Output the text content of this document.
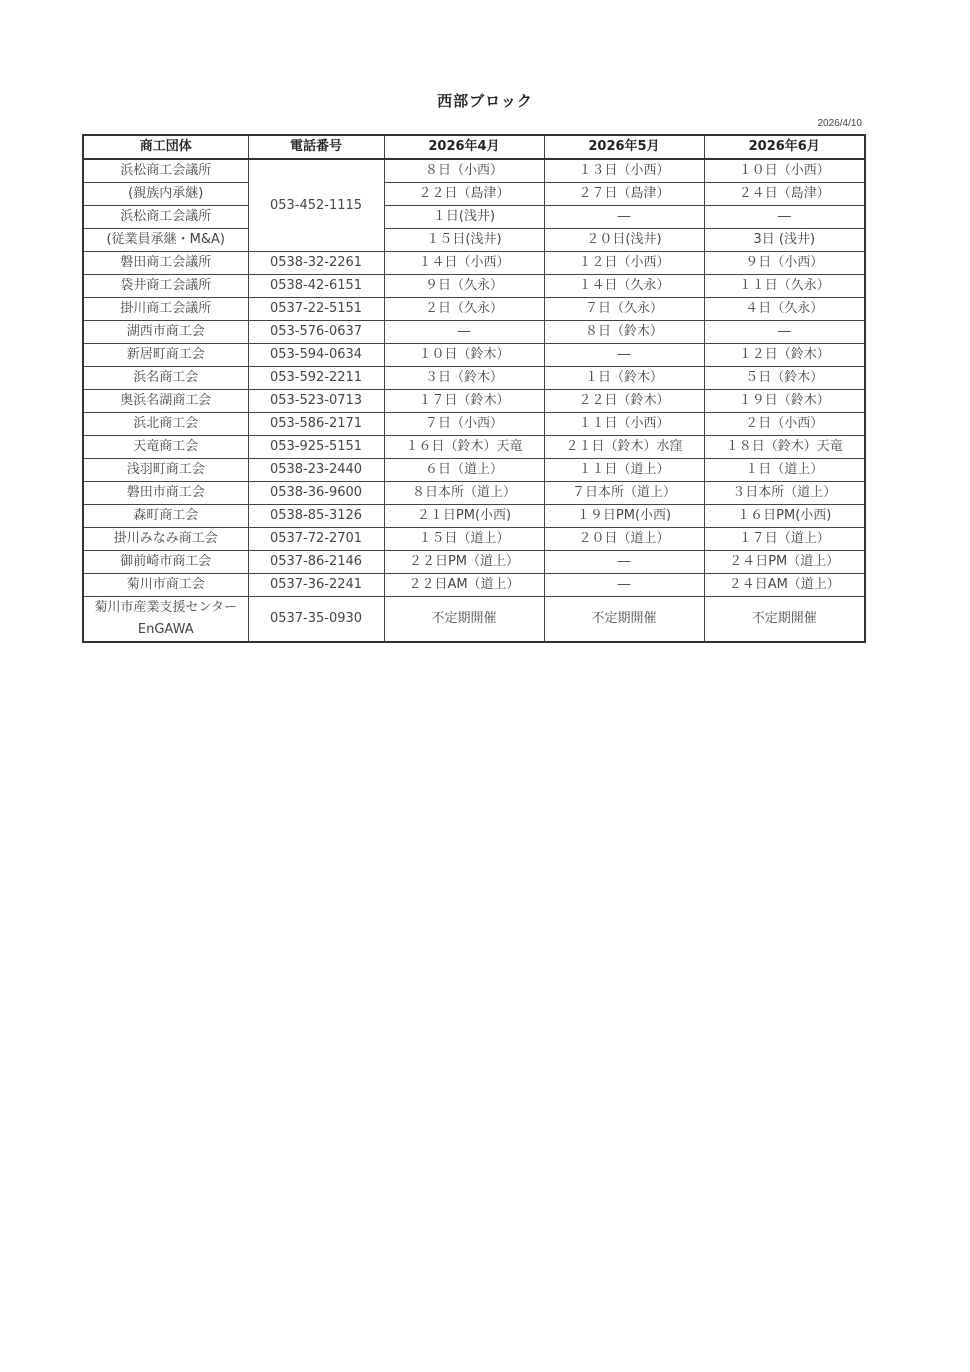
西部ブロック
2026/4/10
商工団体	電話番号	2026年4月	2026年5月	2026年6月
浜松商工会議所	053-452-1115	８日（小西）	１３日（小西）	１０日（小西）
(親族内承継)		２２日（島津）	２７日（島津）	２４日（島津）
浜松商工会議所		１日(浅井)	―	―
(従業員承継・M&A)		１５日(浅井)	２０日(浅井)	3日 (浅井)
磐田商工会議所	0538-32-2261	１４日（小西）	１２日（小西）	９日（小西）
袋井商工会議所	0538-42-6151	９日（久永）	１４日（久永）	１１日（久永）
掛川商工会議所	0537-22-5151	２日（久永）	７日（久永）	４日（久永）
湖西市商工会	053-576-0637	―	８日（鈴木）	―
新居町商工会	053-594-0634	１０日（鈴木）	―	１２日（鈴木）
浜名商工会	053-592-2211	３日（鈴木）	１日（鈴木）	５日（鈴木）
奥浜名湖商工会	053-523-0713	１７日（鈴木）	２２日（鈴木）	１９日（鈴木）
浜北商工会	053-586-2171	７日（小西）	１１日（小西）	２日（小西）
天竜商工会	053-925-5151	１６日（鈴木）天竜	２１日（鈴木）水窪	１８日（鈴木）天竜
浅羽町商工会	0538-23-2440	６日（道上）	１１日（道上）	１日（道上）
磐田市商工会	0538-36-9600	８日本所（道上）	７日本所（道上）	３日本所（道上）
森町商工会	0538-85-3126	２１日PM(小西)	１９日PM(小西)	１６日PM(小西)
掛川みなみ商工会	0537-72-2701	１５日（道上）	２０日（道上）	１７日（道上）
御前崎市商工会	0537-86-2146	２２日PM（道上）	―	２４日PM（道上）
菊川市商工会	0537-36-2241	２２日AM（道上）	―	２４日AM（道上）

菊川市産業支援センター
EnGAWA	0537-35-0930	不定期開催	不定期開催	不定期開催
